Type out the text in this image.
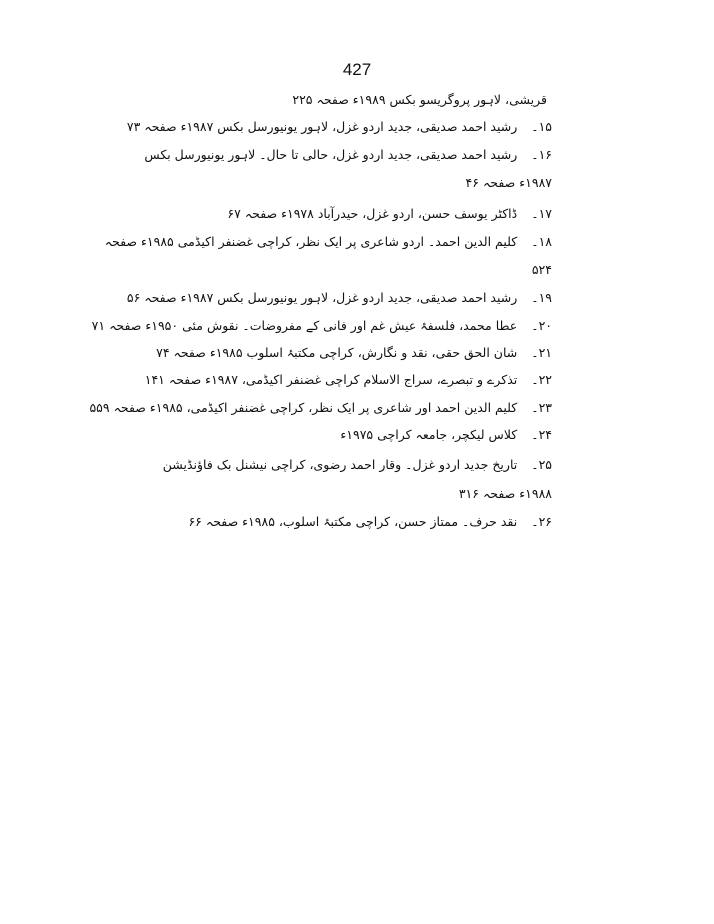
427
قریشی، لاہور پروگریسو بکس ۱۹۸۹ء صفحہ ۲۲۵
۱۵۔رشید احمد صدیقی، جدید اردو غزل، لاہور یونیورسل بکس ۱۹۸۷ء صفحہ ۷۳
۱۶۔رشید احمد صدیقی، جدید اردو غزل، حالی تا حال۔ لاہور یونیورسل بکس
۱۹۸۷ء صفحہ ۴۶
۱۷۔ڈاکٹر یوسف حسن، اردو غزل، حیدرآباد ۱۹۷۸ء صفحہ ۶۷
۱۸۔کلیم الدین احمد۔ اردو شاعری پر ایک نظر، کراچی غضنفر اکیڈمی ۱۹۸۵ء صفحہ
۵۲۴
۱۹۔رشید احمد صدیقی، جدید اردو غزل، لاہور یونیورسل بکس ۱۹۸۷ء صفحہ ۵۶
۲۰۔عطا محمد، فلسفۂ عیش غم اور فانی کے مفروضات۔ نقوش مئی ۱۹۵۰ء صفحہ ۷۱
۲۱۔شان الحق حقی، نقد و نگارش، کراچی مکتبۂ اسلوب ۱۹۸۵ء صفحہ ۷۴
۲۲۔تذکرے و تبصرے، سراج الاسلام کراچی غضنفر اکیڈمی، ۱۹۸۷ء صفحہ ۱۴۱
۲۳۔کلیم الدین احمد اور شاعری پر ایک نظر، کراچی غضنفر اکیڈمی، ۱۹۸۵ء صفحہ ۵۵۹
۲۴۔کلاس لیکچر، جامعہ کراچی ۱۹۷۵ء
۲۵۔تاریخ جدید اردو غزل۔ وقار احمد رضوی، کراچی نیشنل بک فاؤنڈیشن
۱۹۸۸ء صفحہ ۳۱۶
۲۶۔نقد حرف۔ ممتاز حسن، کراچی مکتبۂ اسلوب، ۱۹۸۵ء صفحہ ۶۶
